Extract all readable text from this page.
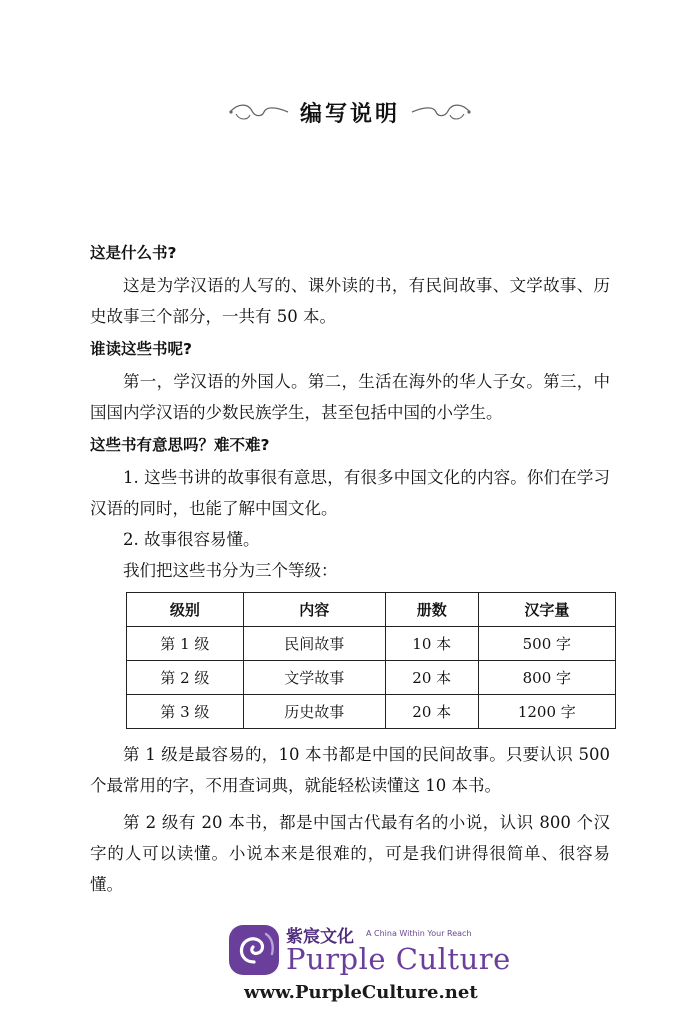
编写说明

这是什么书?

这是为学汉语的人写的、课外读的书，有民间故事、文学故事、历史故事三个部分，一共有 50 本。

谁读这些书呢?

第一，学汉语的外国人。第二，生活在海外的华人子女。第三，中国国内学汉语的少数民族学生，甚至包括中国的小学生。

这些书有意思吗？难不难?

1. 这些书讲的故事很有意思，有很多中国文化的内容。你们在学习汉语的同时，也能了解中国文化。

2. 故事很容易懂。

我们把这些书分为三个等级：

级别	内容	册数	汉字量
第 1 级	民间故事	10 本	500 字
第 2 级	文学故事	20 本	800 字
第 3 级	历史故事	20 本	1200 字

第 1 级是最容易的，10 本书都是中国的民间故事。只要认识 500 个最常用的字，不用查词典，就能轻松读懂这 10 本书。

第 2 级有 20 本书，都是中国古代最有名的小说，认识 800 个汉字的人可以读懂。小说本来是很难的，可是我们讲得很简单、很容易懂。

紫宸文化 A China Within Your Reach
Purple Culture
www.PurpleCulture.net
